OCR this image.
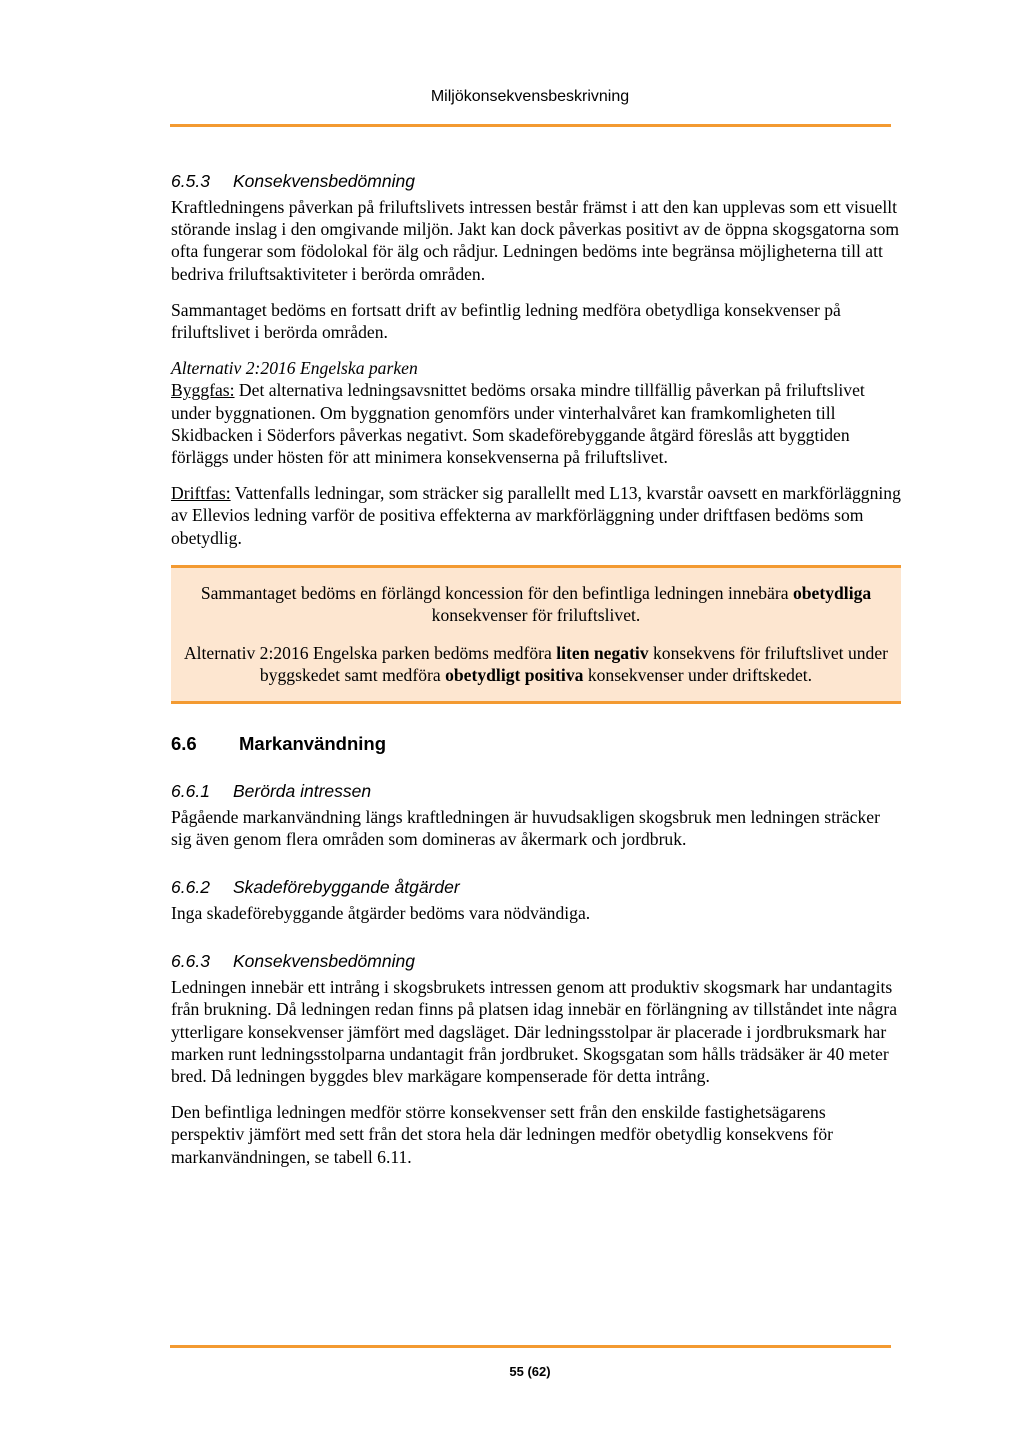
Miljökonsekvensbeskrivning
6.5.3 Konsekvensbedömning

Kraftledningens påverkan på friluftslivets intressen består främst i att den kan upplevas som ett visuellt störande inslag i den omgivande miljön. Jakt kan dock påverkas positivt av de öppna skogsgatorna som ofta fungerar som födolokal för älg och rådjur. Ledningen bedöms inte begränsa möjligheterna till att bedriva friluftsaktiviteter i berörda områden.

Sammantaget bedöms en fortsatt drift av befintlig ledning medföra obetydliga konsekvenser på friluftslivet i berörda områden.

Alternativ 2:2016 Engelska parken

Byggfas: Det alternativa ledningsavsnittet bedöms orsaka mindre tillfällig påverkan på friluftslivet under byggnationen. Om byggnation genomförs under vinterhalvåret kan framkomligheten till Skidbacken i Söderfors påverkas negativt. Som skadeförebyggande åtgärd föreslås att byggtiden förläggs under hösten för att minimera konsekvenserna på friluftslivet.

Driftfas: Vattenfalls ledningar, som sträcker sig parallellt med L13, kvarstår oavsett en markförläggning av Ellevios ledning varför de positiva effekterna av markförläggning under driftfasen bedöms som obetydlig.

Sammantaget bedöms en förlängd koncession för den befintliga ledningen innebära obetydliga konsekvenser för friluftslivet.

Alternativ 2:2016 Engelska parken bedöms medföra liten negativ konsekvens för friluftslivet under byggskedet samt medföra obetydligt positiva konsekvenser under driftskedet.

6.6 Markanvändning
6.6.1 Berörda intressen

Pågående markanvändning längs kraftledningen är huvudsakligen skogsbruk men ledningen sträcker sig även genom flera områden som domineras av åkermark och jordbruk.

6.6.2 Skadeförebyggande åtgärder

Inga skadeförebyggande åtgärder bedöms vara nödvändiga.

6.6.3 Konsekvensbedömning

Ledningen innebär ett intrång i skogsbrukets intressen genom att produktiv skogsmark har undantagits från brukning. Då ledningen redan finns på platsen idag innebär en förlängning av tillståndet inte några ytterligare konsekvenser jämfört med dagsläget. Där ledningsstolpar är placerade i jordbruksmark har marken runt ledningsstolparna undantagit från jordbruket. Skogsgatan som hålls trädsäker är 40 meter bred. Då ledningen byggdes blev markägare kompenserade för detta intrång.

Den befintliga ledningen medför större konsekvenser sett från den enskilde fastighetsägarens perspektiv jämfört med sett från det stora hela där ledningen medför obetydlig konsekvens för markanvändningen, se tabell 6.11.

55 (62)
